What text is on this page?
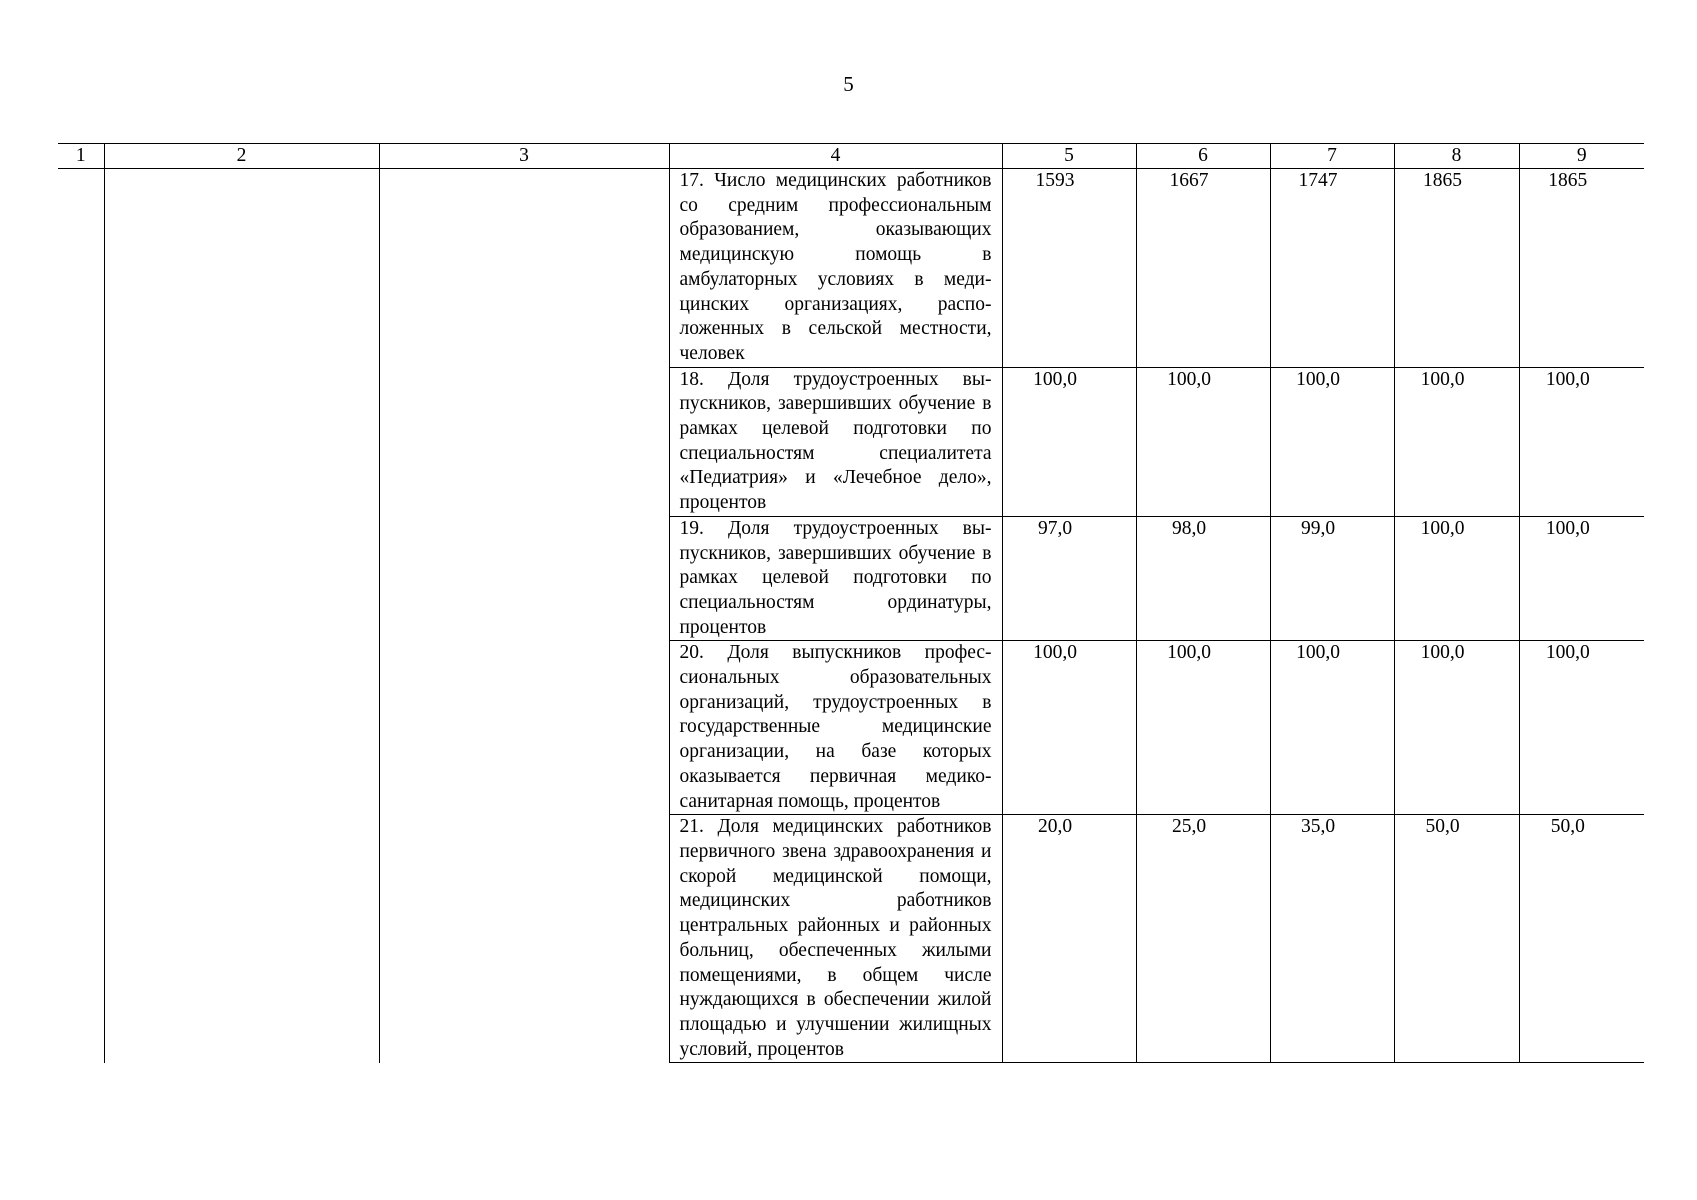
5
1	2	3	4	5	6	7	8	9
			17. Число медицинских работников со средним профессиональным образованием, оказывающих медицинскую помощь в амбулаторных условиях в медицинских организациях, расположенных в сельской местности, человек	1593	1667	1747	1865	1865
			18. Доля трудоустроенных выпускников, завершивших обучение в рамках целевой подготовки по специальностям специалитета «Педиатрия» и «Лечебное дело», процентов	100,0	100,0	100,0	100,0	100,0
			19. Доля трудоустроенных выпускников, завершивших обучение в рамках целевой подготовки по специальностям ординатуры, процентов	97,0	98,0	99,0	100,0	100,0
			20. Доля выпускников профессиональных образовательных организаций, трудоустроенных в государственные медицинские организации, на базе которых оказывается первичная медико-санитарная помощь, процентов	100,0	100,0	100,0	100,0	100,0
			21. Доля медицинских работников первичного звена здравоохранения и скорой медицинской помощи, медицинских работников центральных районных и районных больниц, обеспеченных жилыми помещениями, в общем числе нуждающихся в обеспечении жилой площадью и улучшении жилищных условий, процентов	20,0	25,0	35,0	50,0	50,0
